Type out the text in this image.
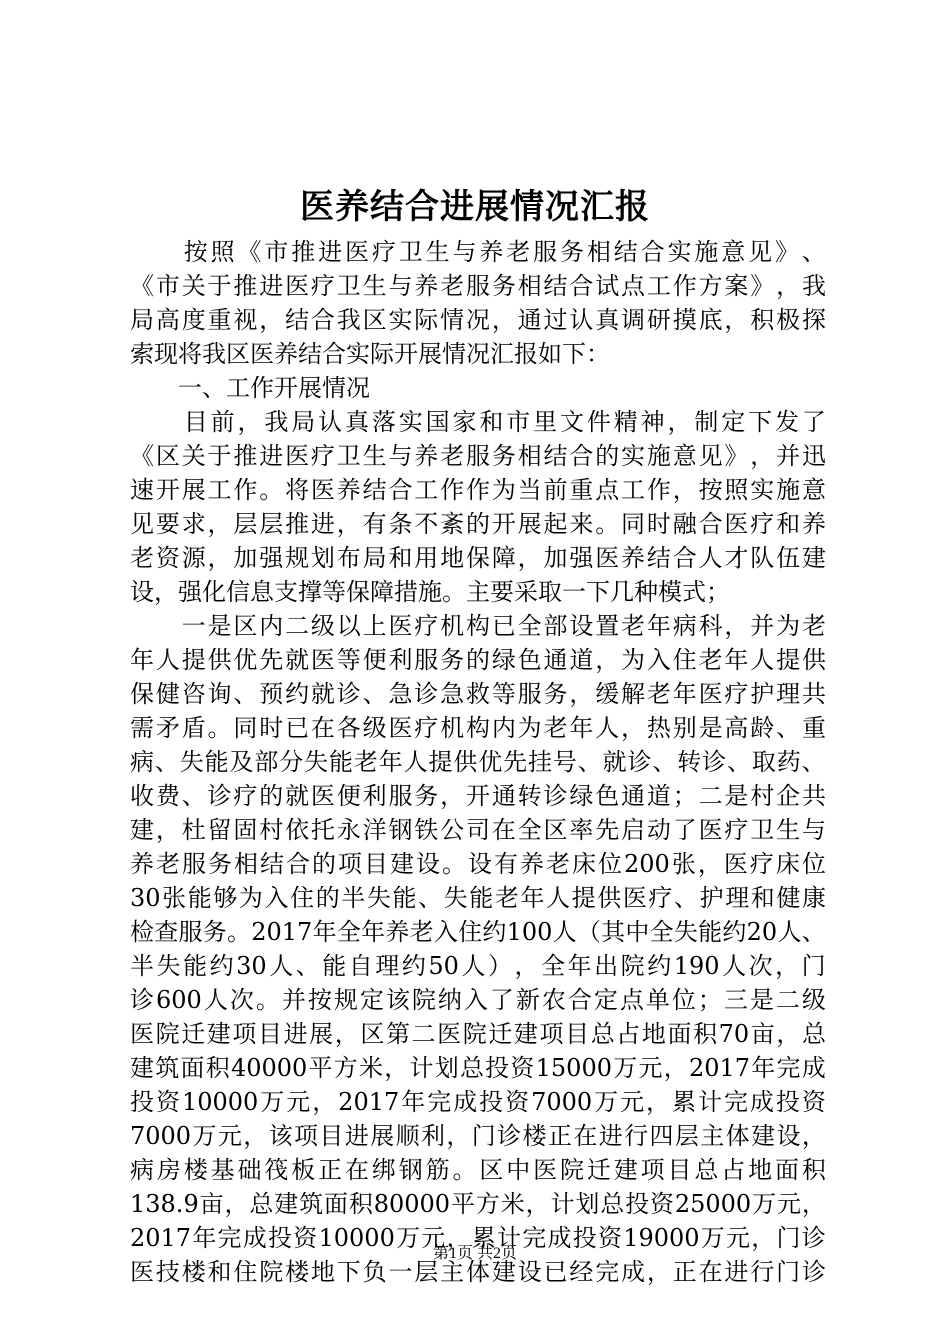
医养结合进展情况汇报

按 照 《 市 推 进 医 疗 卫 生 与 养 老 服 务 相 结 合 实 施 意 见 》 、
《 市 关 于 推 进 医 疗 卫 生 与 养 老 服 务 相 结 合 试 点 工 作 方 案 》 ， 我
局 高 度 重 视 ， 结 合 我 区 实 际 情 况 ， 通 过 认 真 调 研 摸 底 ， 积 极 探
索现将我区医养结合实际开展情况汇报如下：
　　一、工作开展情况

目 前 ， 我 局 认 真 落 实 国 家 和 市 里 文 件 精 神 ， 制 定 下 发 了
《 区 关 于 推 进 医 疗 卫 生 与 养 老 服 务 相 结 合 的 实 施 意 见 》 ， 并 迅
速 开 展 工 作 。 将 医 养 结 合 工 作 作 为 当 前 重 点 工 作 ， 按 照 实 施 意
见 要 求 ， 层 层 推 进 ， 有 条 不 紊 的 开 展 起 来 。 同 时 融 合 医 疗 和 养
老 资 源 ， 加 强 规 划 布 局 和 用 地 保 障 ， 加 强 医 养 结 合 人 才 队 伍 建
设，强化信息支撑等保障措施。主要采取一下几种模式；

一 是 区 内 二 级 以 上 医 疗 机 构 已 全 部 设 置 老 年 病 科 ， 并 为 老
年 人 提 供 优 先 就 医 等 便 利 服 务 的 绿 色 通 道 ， 为 入 住 老 年 人 提 供
保 健 咨 询 、 预 约 就 诊 、 急 诊 急 救 等 服 务 ， 缓 解 老 年 医 疗 护 理 共
需 矛 盾 。 同 时 已 在 各 级 医 疗 机 构 内 为 老 年 人 ， 热 别 是 高 龄 、 重
病 、 失 能 及 部 分 失 能 老 年 人 提 供 优 先 挂 号 、 就 诊 、 转 诊 、 取 药 、
收 费 、 诊 疗 的 就 医 便 利 服 务 ， 开 通 转 诊 绿 色 通 道 ； 二 是 村 企 共
建 ， 杜 留 固 村 依 托 永 洋 钢 铁 公 司 在 全 区 率 先 启 动 了 医 疗 卫 生 与
养 老 服 务 相 结 合 的 项 目 建 设 。 设 有 养 老 床 位 200 张 ， 医 疗 床 位
30 张 能 够 为 入 住 的 半 失 能 、 失 能 老 年 人 提 供 医 疗 、 护 理 和 健 康
检 查 服 务 。 2017 年 全 年 养 老 入 住 约 100 人 （ 其 中 全 失 能 约 20 人 、
半 失 能 约 30 人 、 能 自 理 约 50 人 ） ， 全 年 出 院 约 190 人 次 ， 门
诊 600 人 次 。 并 按 规 定 该 院 纳 入 了 新 农 合 定 点 单 位 ； 三 是 二 级
医 院 迁 建 项 目 进 展 ， 区 第 二 医 院 迁 建 项 目 总 占 地 面 积 70 亩 ， 总
建 筑 面 积 40000 平 方 米 ， 计 划 总 投 资 15000 万 元 ， 2017 年 完 成
投 资 10000 万 元 ， 2017 年 完 成 投 资 7000 万 元 ， 累 计 完 成 投 资
7000 万 元 ， 该 项 目 进 展 顺 利 ， 门 诊 楼 正 在 进 行 四 层 主 体 建 设 ，
病 房 楼 基 础 筏 板 正 在 绑 钢 筋 。 区 中 医 院 迁 建 项 目 总 占 地 面 积
138.9 亩 ， 总 建 筑 面 积 80000 平 方 米 ， 计 划 总 投 资 25000 万 元 ，
2017 年 完 成 投 资 10000 万 元 ， 累 计 完 成 投 资 19000 万 元 ， 门 诊
医 技 楼 和 住 院 楼 地 下 负 一 层 主 体 建 设 已 经 完 成 ， 正 在 进 行 门 诊
第1页 共2页
